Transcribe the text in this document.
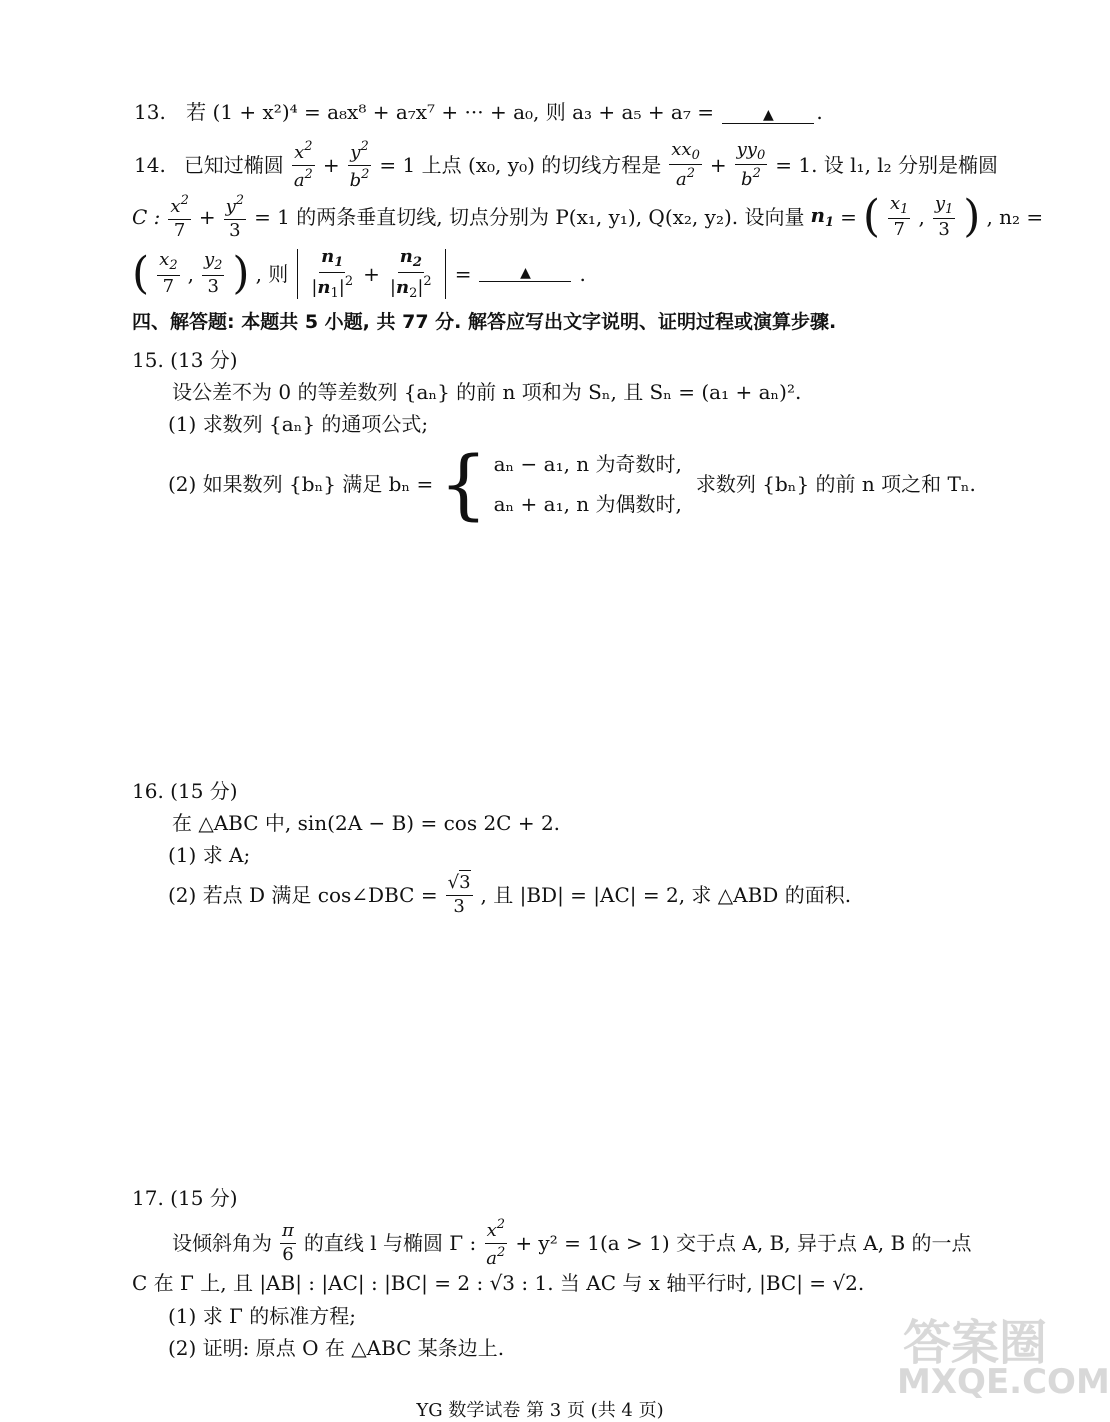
13. 若 (1 + x²)⁴ = a₈x⁸ + a₇x⁷ + ··· + a₀, 则 a₃ + a₅ + a₇ =	▲ .
14. 已知过椭圆 $\frac{x^2}{a^2} + \frac{y^2}{b^2} = 1$ 上点 (x₀, y₀) 的切线方程是 $\frac{xx_0}{a^2} + \frac{yy_0}{b^2} = 1$. 设 l₁, l₂ 分别是椭圆
C : $\frac{x^2}{7} + \frac{y^2}{3} = 1$ 的两条垂直切线, 切点分别为 P(x₁, y₁), Q(x₂, y₂). 设向量 $n_1$ = ( $\frac{x_1}{7}$ , $\frac{y_1}{3}$ ) , n₂ =
( $\frac{x_2}{7}$ , $\frac{y_2}{3}$ ) , 则 $\frac{n_1}{|n_1|^2} + \frac{n_2}{|n_2|^2}$ =	▲	.
四、解答题: 本题共 5 小题, 共 77 分. 解答应写出文字说明、证明过程或演算步骤.
15. (13 分)
设公差不为 0 的等差数列 {aₙ} 的前 n 项和为 Sₙ, 且 Sₙ = (a₁ + aₙ)².
(1) 求数列 {aₙ} 的通项公式;
(2) 如果数列 {bₙ} 满足 bₙ = { aₙ − a₁, n 为奇数时,
aₙ + a₁, n 为偶数时,
求数列 {bₙ} 的前 n 项之和 Tₙ.
16. (15 分)
在 △ABC 中, sin(2A − B) = cos 2C + 2.
(1) 求 A;
(2) 若点 D 满足 cos∠DBC = $\frac{√3}{3}$ , 且 |BD| = |AC| = 2, 求 △ABD 的面积.
17. (15 分)
设倾斜角为 $\frac{\pi}{6}$ 的直线 l 与椭圆 Γ : $\frac{x^2}{a^2} + y^2 = 1(a > 1)$ 交于点 A, B, 异于点 A, B 的一点
C 在 Γ 上, 且 |AB| : |AC| : |BC| = 2 : √3 : 1. 当 AC 与 x 轴平行时, |BC| = √2.
(1) 求 Γ 的标准方程;
(2) 证明: 原点 O 在 △ABC 某条边上.	答案圈
MXQE.COM
YG 数学试卷 第 3 页 (共 4 页)
